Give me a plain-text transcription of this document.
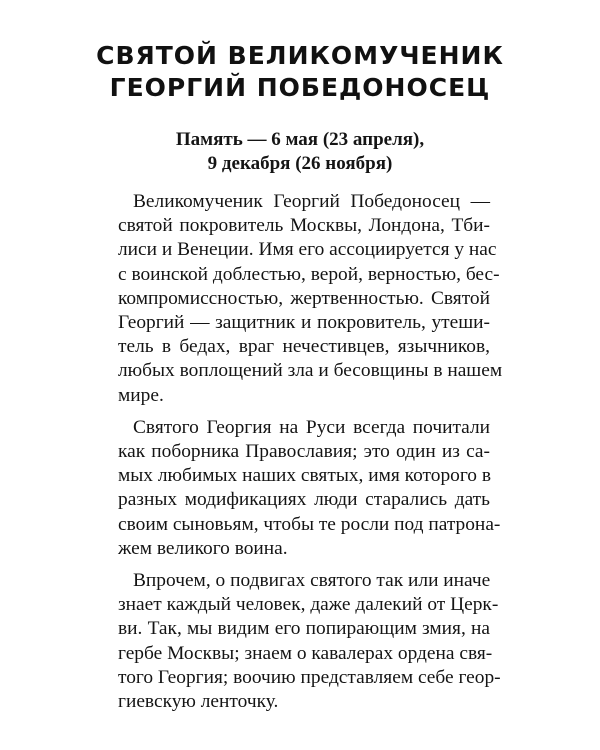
СВЯТОЙ ВЕЛИКОМУЧЕНИК
ГЕОРГИЙ ПОБЕДОНОСЕЦ
Память — 6 мая (23 апреля),
9 декабря (26 ноября)

Великомученик Георгий Победоносец —
святой покровитель Москвы, Лондона, Тби-
лиси и Венеции. Имя его ассоциируется у нас
с воинской доблестью, верой, верностью, бес-
компромиссностью, жертвенностью. Святой
Георгий — защитник и покровитель, утеши-
тель в бедах, враг нечестивцев, язычников,
любых воплощений зла и бесовщины в нашем
мире.

Святого Георгия на Руси всегда почитали
как поборника Православия; это один из са-
мых любимых наших святых, имя которого в
разных модификациях люди старались дать
своим сыновьям, чтобы те росли под патрона-
жем великого воина.

Впрочем, о подвигах святого так или иначе
знает каждый человек, даже далекий от Церк-
ви. Так, мы видим его попирающим змия, на
гербе Москвы; знаем о кавалерах ордена свя-
того Георгия; воочию представляем себе геор-
гиевскую ленточку.
